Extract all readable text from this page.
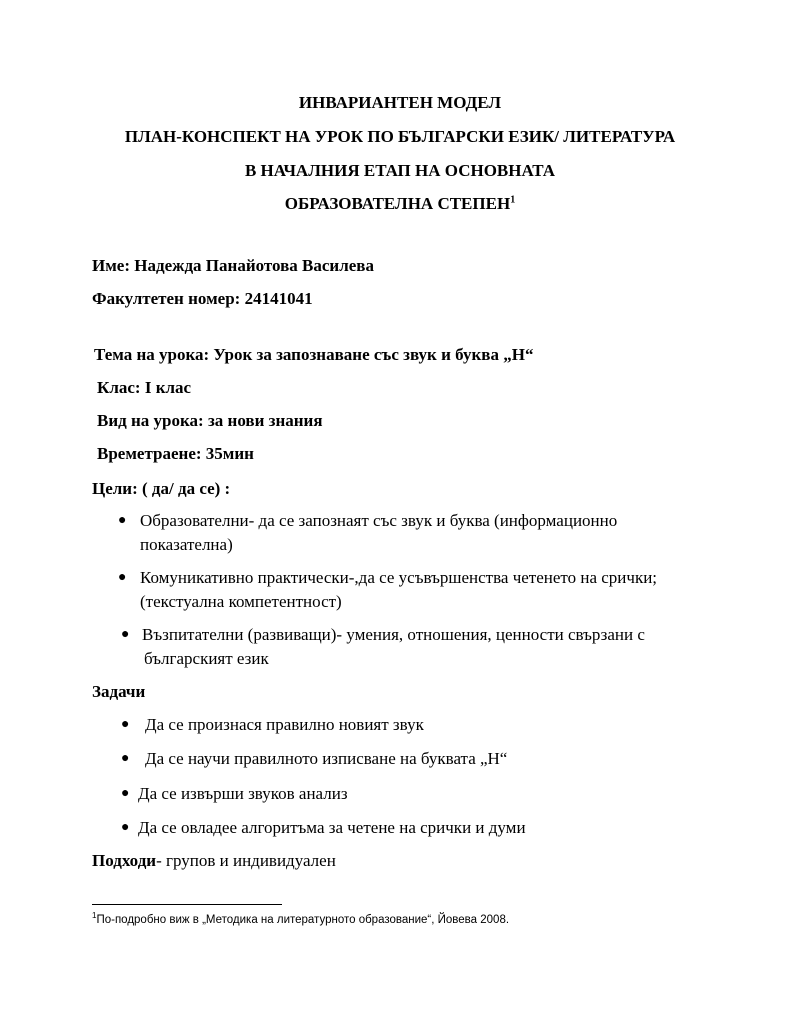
ИНВАРИАНТЕН МОДЕЛ
ПЛАН-КОНСПЕКТ НА УРОК ПО БЪЛГАРСКИ ЕЗИК/ ЛИТЕРАТУРА
В НАЧАЛНИЯ ЕТАП НА ОСНОВНАТА
ОБРАЗОВАТЕЛНА СТЕПЕН$^1$
Име: Надежда Панайотова Василева
Факултетен номер: 24141041
Тема на урока: Урок за запознаване със звук и буква „Н“
Клас: I клас
Вид на урока: за нови знания
Времетраене: 35мин
Цели: ( да/ да се) :
● Образователни- да се запознаят със звук и буква (информационно
показателна)
● Комуникативно практически-,да се усъвършенства четенето на срички;
(текстуална компетентност)
● Възпитателни (развиващи)- умения, отношения, ценности свързани с
българският език
Задачи
● Да се произнася правилно новият звук
● Да се научи правилното изписване на буквата „Н“
● Да се извърши звуков анализ
● Да се овладее алгоритъма за четене на срички и думи
Подходи- групов и индивидуален
$^1$По-подробно виж в „Методика на литературното образование“, Йовева 2008.
